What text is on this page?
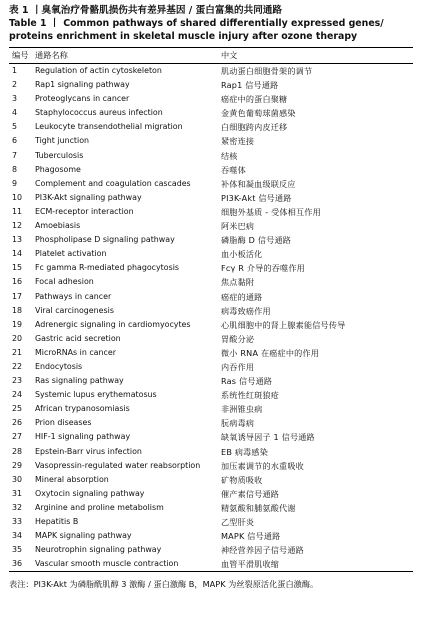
表 1 丨臭氧治疗骨骼肌损伤共有差异基因 / 蛋白富集的共同通路
Table 1 丨 Common pathways of shared differentially expressed genes/ proteins enrichment in skeletal muscle injury after ozone therapy
编号	通路名称	中文
1	Regulation of actin cytoskeleton	肌动蛋白细胞骨架的调节
2	Rap1 signaling pathway	Rap1 信号通路
3	Proteoglycans in cancer	癌症中的蛋白聚糖
4	Staphylococcus aureus infection	金黄色葡萄球菌感染
5	Leukocyte transendothelial migration	白细胞跨内皮迁移
6	Tight junction	紧密连接
7	Tuberculosis	结核
8	Phagosome	吞噬体
9	Complement and coagulation cascades	补体和凝血级联反应
10	PI3K-Akt signaling pathway	PI3K-Akt 信号通路
11	ECM-receptor interaction	细胞外基质 - 受体相互作用
12	Amoebiasis	阿米巴病
13	Phospholipase D signaling pathway	磷脂酶 D 信号通路
14	Platelet activation	血小板活化
15	Fc gamma R-mediated phagocytosis	Fcγ R 介导的吞噬作用
16	Focal adhesion	焦点黏附
17	Pathways in cancer	癌症的通路
18	Viral carcinogenesis	病毒致癌作用
19	Adrenergic signaling in cardiomyocytes	心肌细胞中的肾上腺素能信号传导
20	Gastric acid secretion	胃酸分泌
21	MicroRNAs in cancer	微小 RNA 在癌症中的作用
22	Endocytosis	内吞作用
23	Ras signaling pathway	Ras 信号通路
24	Systemic lupus erythematosus	系统性红斑狼疮
25	African trypanosomiasis	非洲锥虫病
26	Prion diseases	朊病毒病
27	HIF-1 signaling pathway	缺氧诱导因子 1 信号通路
28	Epstein-Barr virus infection	EB 病毒感染
29	Vasopressin-regulated water reabsorption	加压素调节的水重吸收
30	Mineral absorption	矿物质吸收
31	Oxytocin signaling pathway	催产素信号通路
32	Arginine and proline metabolism	精氨酸和脯氨酸代谢
33	Hepatitis B	乙型肝炎
34	MAPK signaling pathway	MAPK 信号通路
35	Neurotrophin signaling pathway	神经营养因子信号通路
36	Vascular smooth muscle contraction	血管平滑肌收缩
表注：PI3K-Akt 为磷脂酰肌醇 3 激酶 / 蛋白激酶 B，MAPK 为丝裂原活化蛋白激酶。
